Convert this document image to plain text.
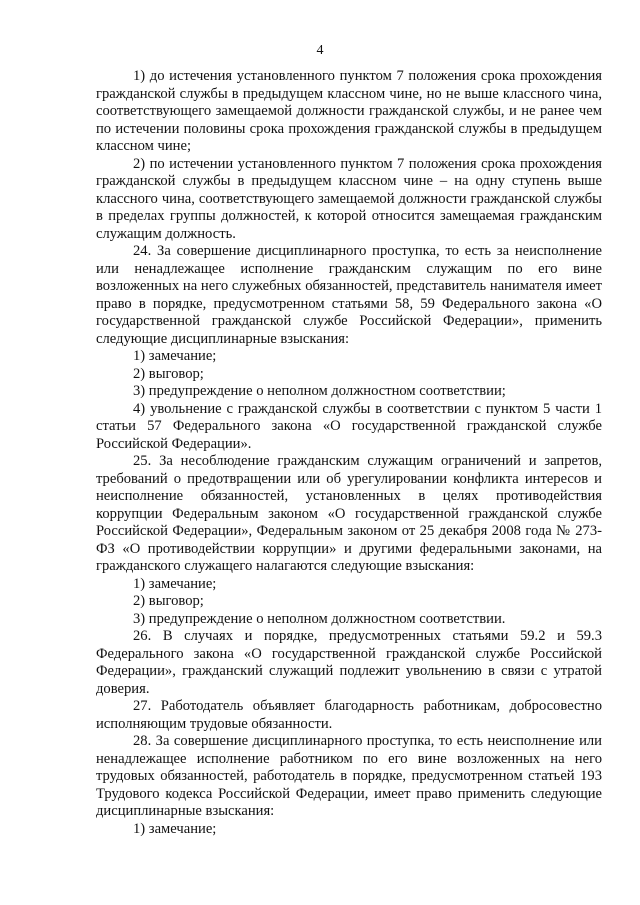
4

1) до истечения установленного пунктом 7 положения срока прохождения гражданской службы в предыдущем классном чине, но не выше классного чина, соответствующего замещаемой должности гражданской службы, и не ранее чем по истечении половины срока прохождения гражданской службы в предыдущем классном чине;

2) по истечении установленного пунктом 7 положения срока прохождения гражданской службы в предыдущем классном чине – на одну ступень выше классного чина, соответствующего замещаемой должности гражданской службы в пределах группы должностей, к которой относится замещаемая гражданским служащим должность.

24. За совершение дисциплинарного проступка, то есть за неисполнение или ненадлежащее исполнение гражданским служащим по его вине возложенных на него служебных обязанностей, представитель нанимателя имеет право в порядке, предусмотренном статьями 58, 59 Федерального закона «О государственной гражданской службе Российской Федерации», применить следующие дисциплинарные взыскания:

1) замечание;

2) выговор;

3) предупреждение о неполном должностном соответствии;

4) увольнение с гражданской службы в соответствии с пунктом 5 части 1 статьи 57 Федерального закона «О государственной гражданской службе Российской Федерации».

25. За несоблюдение гражданским служащим ограничений и запретов, требований о предотвращении или об урегулировании конфликта интересов и неисполнение обязанностей, установленных в целях противодействия коррупции Федеральным законом «О государственной гражданской службе Российской Федерации», Федеральным законом от 25 декабря 2008 года № 273-ФЗ «О противодействии коррупции» и другими федеральными законами, на гражданского служащего налагаются следующие взыскания:

1) замечание;

2) выговор;

3) предупреждение о неполном должностном соответствии.

26. В случаях и порядке, предусмотренных статьями 59.2 и 59.3 Федерального закона «О государственной гражданской службе Российской Федерации», гражданский служащий подлежит увольнению в связи с утратой доверия.

27. Работодатель объявляет благодарность работникам, добросовестно исполняющим трудовые обязанности.

28. За совершение дисциплинарного проступка, то есть неисполнение или ненадлежащее исполнение работником по его вине возложенных на него трудовых обязанностей, работодатель в порядке, предусмотренном статьей 193 Трудового кодекса Российской Федерации, имеет право применить следующие дисциплинарные взыскания:

1) замечание;
